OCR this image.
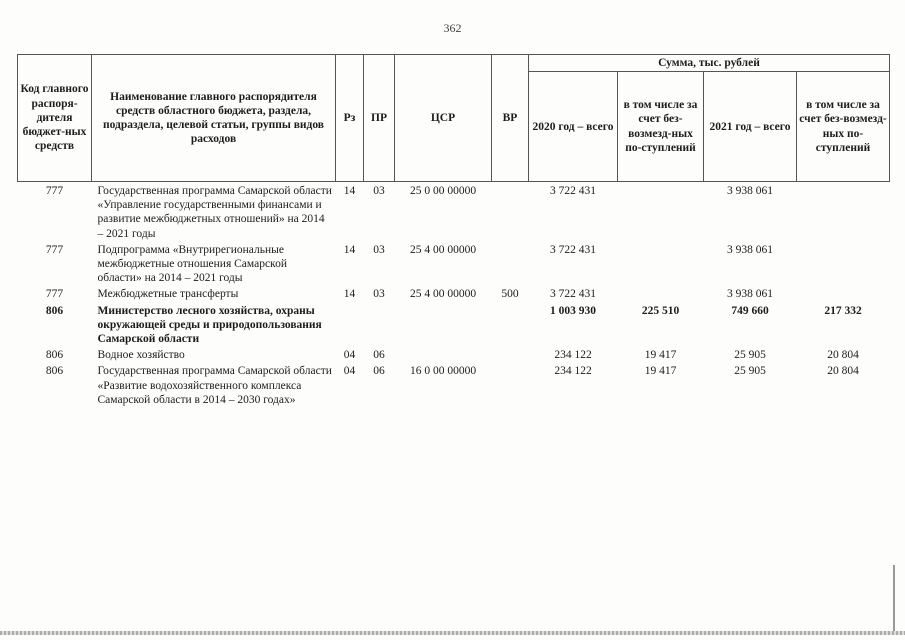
362
Код главного распоря-дителя бюджет-ных средств	Наименование главного распорядителя средств областного бюджета, раздела, подраздела, целевой статьи, группы видов расходов	Рз	ПР	ЦСР	ВР	Сумма, тыс. рублей			
						2020 год – всего	в том числе за счет без-возмезд-ных по-ступлений	2021 год – всего	в том числе за счет без-возмезд-ных по-ступлений
777	Государственная программа Самарской области «Управление государственными финансами и развитие межбюджетных отношений» на 2014 – 2021 годы	14	03	25 0 00 00000		3 722 431		3 938 061	
777	Подпрограмма «Внутрирегиональные межбюджетные отношения Самарской области» на 2014 – 2021 годы	14	03	25 4 00 00000		3 722 431		3 938 061	
777	Межбюджетные трансферты	14	03	25 4 00 00000	500	3 722 431		3 938 061	
806	Министерство лесного хозяйства, охраны окружающей среды и природопользования Самарской области					1 003 930	225 510	749 660	217 332
806	Водное хозяйство	04	06			234 122	19 417	25 905	20 804
806	Государственная программа Самарской области «Развитие водохозяйственного комплекса Самарской области в 2014 – 2030 годах»	04	06	16 0 00 00000		234 122	19 417	25 905	20 804
